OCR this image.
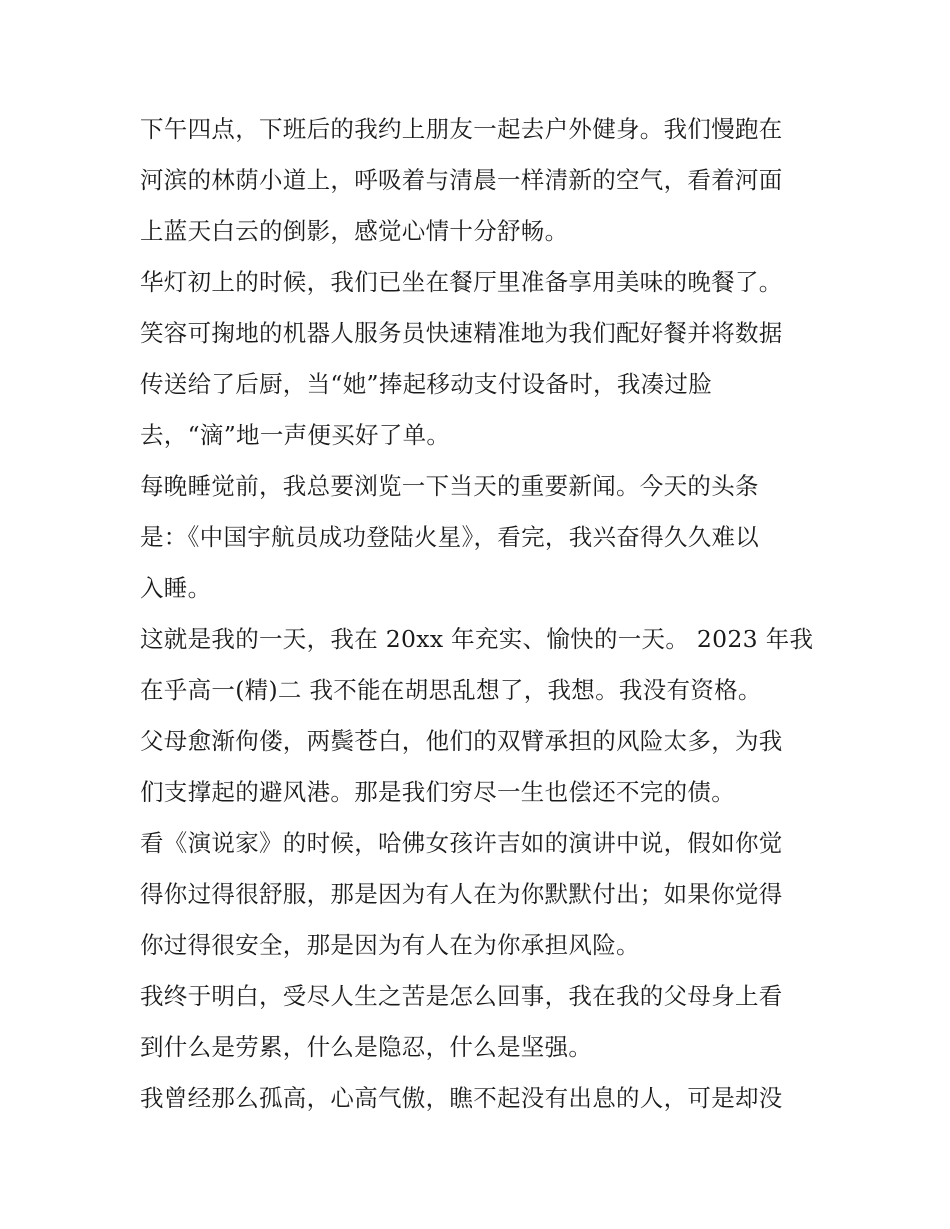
下午四点，下班后的我约上朋友一起去户外健身。我们慢跑在
河滨的林荫小道上，呼吸着与清晨一样清新的空气，看着河面
上蓝天白云的倒影，感觉心情十分舒畅。
华灯初上的时候，我们已坐在餐厅里准备享用美味的晚餐了。
笑容可掬地的机器人服务员快速精准地为我们配好餐并将数据
传送给了后厨，当“她”捧起移动支付设备时，我凑过脸
去，“滴”地一声便买好了单。
每晚睡觉前，我总要浏览一下当天的重要新闻。今天的头条
是：《中国宇航员成功登陆火星》，看完，我兴奋得久久难以
入睡。
这就是我的一天，我在 20xx 年充实、愉快的一天。 2023 年我
在乎高一(精)二 我不能在胡思乱想了，我想。我没有资格。
父母愈渐佝偻，两鬓苍白，他们的双臂承担的风险太多，为我
们支撑起的避风港。那是我们穷尽一生也偿还不完的债。
看《演说家》的时候，哈佛女孩许吉如的演讲中说，假如你觉
得你过得很舒服，那是因为有人在为你默默付出；如果你觉得
你过得很安全，那是因为有人在为你承担风险。
我终于明白，受尽人生之苦是怎么回事，我在我的父母身上看
到什么是劳累，什么是隐忍，什么是坚强。
我曾经那么孤高，心高气傲，瞧不起没有出息的人，可是却没
